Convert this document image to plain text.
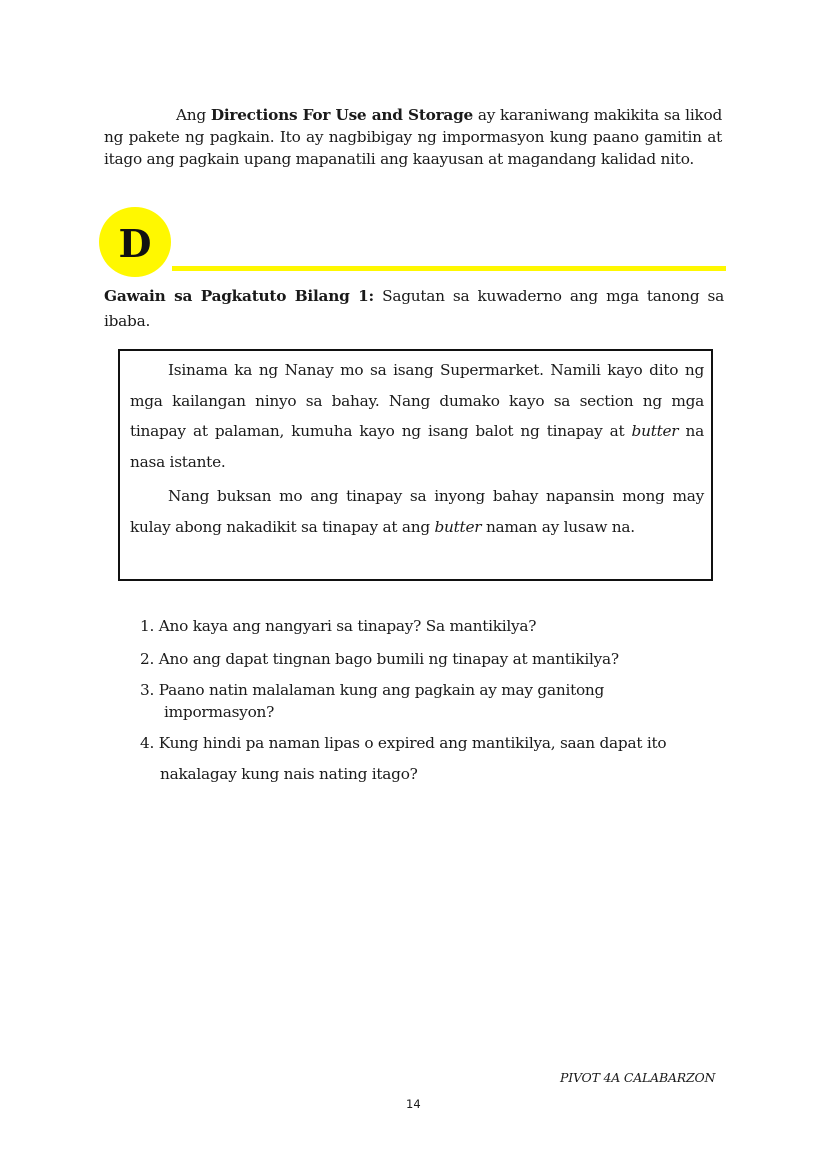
Ang Directions For Use and Storage ay karaniwang makikita sa likod ng pakete ng pagkain. Ito ay nagbibigay ng impormasyon kung paano gamitin at itago ang pagkain upang mapanatili ang kaayusan at magandang kalidad nito.

D

Gawain sa Pagkatuto Bilang 1: Sagutan sa kuwaderno ang mga tanong sa ibaba.

Isinama ka ng Nanay mo sa isang Supermarket. Namili kayo dito ng mga kailangan ninyo sa bahay. Nang dumako kayo sa section ng mga tinapay at palaman, kumuha kayo ng isang balot ng tinapay at butter na nasa istante.

Nang buksan mo ang tinapay sa inyong bahay napansin mong may kulay abong nakadikit sa tinapay at ang butter naman ay lusaw na.

1. Ano kaya ang nangyari sa tinapay? Sa mantikilya?
2. Ano ang dapat tingnan bago bumili ng tinapay at mantikilya?
3. Paano natin malalaman kung ang pagkain ay may ganitong
impormasyon?
4. Kung hindi pa naman lipas o expired ang mantikilya, saan dapat ito
nakalagay kung nais nating itago?
PIVOT 4A CALABARZON
14
